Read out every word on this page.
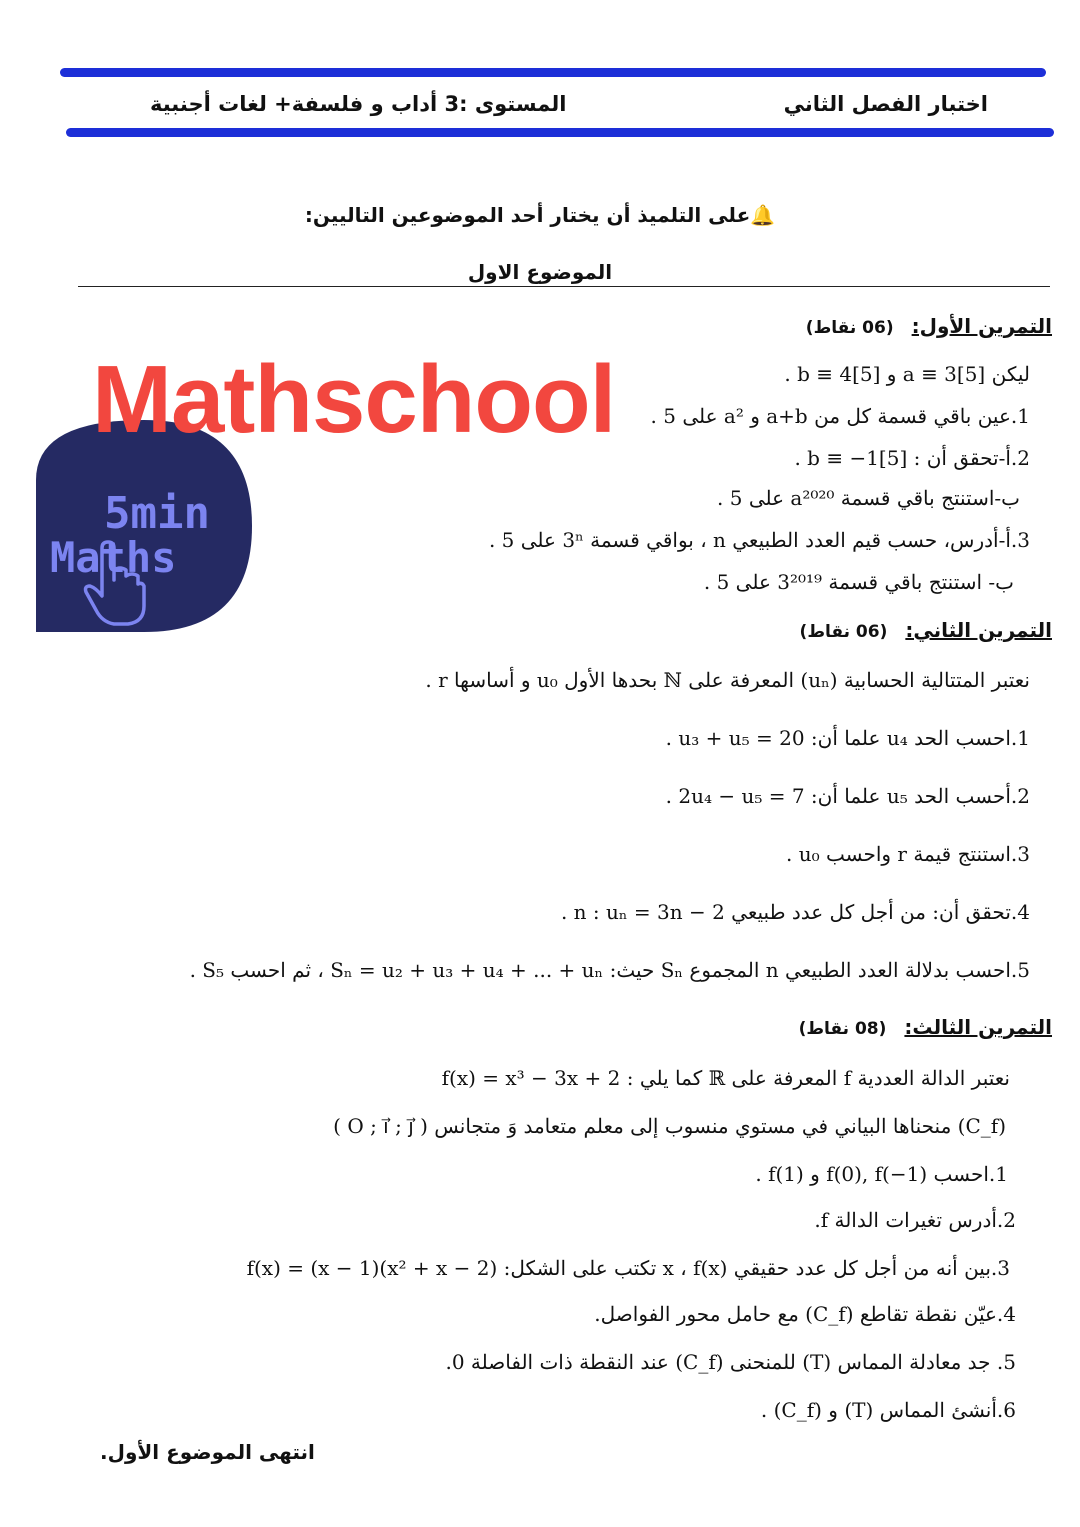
المستوى :3 أداب و فلسفة+ لغات أجنبية	اختبار الفصل الثاني
🔔على التلميذ أن يختار أحد الموضوعين التاليين:
الموضوع الاول
التمرين الأول:(06 نقاط)
ليكن a ≡ 3[5] و b ≡ 4[5] .
1.عين باقي قسمة كل من a+b و a² على 5 .
2.أ-تحقق أن : b ≡ −1[5] .
ب-استنتج باقي قسمة a²⁰²⁰ على 5 .
3.أ-أدرس، حسب قيم العدد الطبيعي n ، بواقي قسمة 3ⁿ على 5 .
ب- استنتج باقي قسمة 3²⁰¹⁹ على 5 .
التمرين الثاني:(06 نقاط)
نعتبر المتتالية الحسابية (uₙ) المعرفة على ℕ بحدها الأول u₀ و أساسها r .
1.احسب الحد u₄ علما أن: u₃ + u₅ = 20 .
2.أحسب الحد u₅ علما أن: 2u₄ − u₅ = 7 .
3.استنتج قيمة r واحسب u₀ .
4.تحقق أن: من أجل كل عدد طبيعي n : uₙ = 3n − 2 .
5.احسب بدلالة العدد الطبيعي n المجموع Sₙ حيث: Sₙ = u₂ + u₃ + u₄ + ... + uₙ ، ثم احسب S₅ .
التمرين الثالث:(08 نقاط)
نعتبر الدالة العددية f المعرفة على ℝ كما يلي : f(x) = x³ − 3x + 2
(C_f) منحناها البياني في مستوي منسوب إلى معلم متعامد وَ متجانس ( O ; i⃗ ; j⃗ )
1.احسب f(0), f(−1) و f(1) .
2.أدرس تغيرات الدالة f.
3.بين أنه من أجل كل عدد حقيقي x ، f(x) تكتب على الشكل: f(x) = (x − 1)(x² + x − 2)
4.عيّن نقطة تقاطع (C_f) مع حامل محور الفواصل.
5. جد معادلة المماس (T) للمنحنى (C_f) عند النقطة ذات الفاصلة 0.
6.أنشئ المماس (T) و (C_f) .
انتهى الموضوع الأول.
5min
Maths
Mathschool
